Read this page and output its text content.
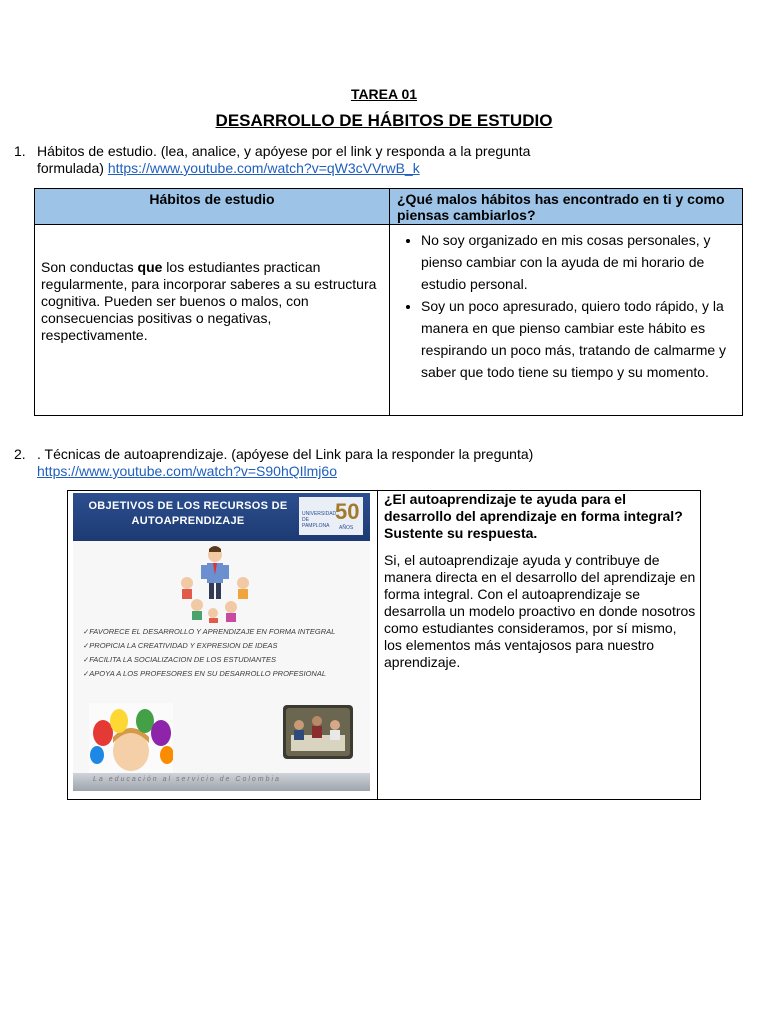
TAREA 01
DESARROLLO DE HÁBITOS DE ESTUDIO
1. Hábitos de estudio. (lea, analice, y apóyese por el link y responda a la pregunta
formulada) https://www.youtube.com/watch?v=qW3cVVrwB_k
Hábitos de estudio	¿Qué malos hábitos has encontrado en ti y como piensas cambiarlos?
Son conductas que los estudiantes practican regularmente, para incorporar saberes a su estructura cognitiva. Pueden ser buenos o malos, con consecuencias positivas o negativas, respectivamente.
• No soy organizado en mis cosas personales, y pienso cambiar con la ayuda de mi horario de estudio personal.
• Soy un poco apresurado, quiero todo rápido, y la manera en que pienso cambiar este hábito es respirando un poco más, tratando de calmarme y saber que todo tiene su tiempo y su momento.
2. . Técnicas de autoaprendizaje. (apóyese del Link para la responder la pregunta)
https://www.youtube.com/watch?v=S90hQIlmj6o
OBJETIVOS DE LOS RECURSOS DE
AUTOAPRENDIZAJE
UNIVERSIDAD DE PAMPLONA
50
AÑOS
✓FAVORECE EL DESARROLLO Y APRENDIZAJE EN FORMA INTEGRAL
✓PROPICIA LA CREATIVIDAD Y EXPRESION DE IDEAS
✓FACILITA LA SOCIALIZACION DE LOS ESTUDIANTES
✓APOYA A LOS PROFESORES EN SU DESARROLLO PROFESIONAL
La educación al servicio de Colombia
¿El autoaprendizaje te ayuda para el desarrollo del aprendizaje en forma integral? Sustente su respuesta.
Si, el autoaprendizaje ayuda y contribuye de manera directa en el desarrollo del aprendizaje en forma integral. Con el autoaprendizaje se desarrolla un modelo proactivo en donde nosotros como estudiantes consideramos, por sí mismo, los elementos más ventajosos para nuestro aprendizaje.
